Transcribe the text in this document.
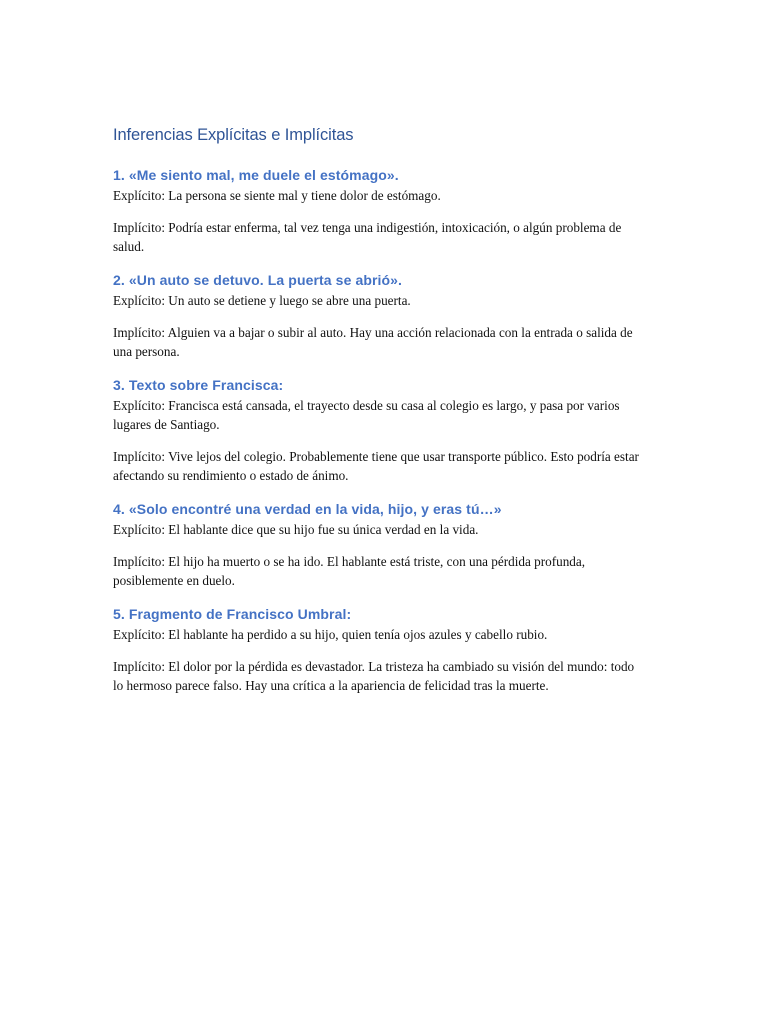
Inferencias Explícitas e Implícitas
1. «Me siento mal, me duele el estómago».

Explícito: La persona se siente mal y tiene dolor de estómago.

Implícito: Podría estar enferma, tal vez tenga una indigestión, intoxicación, o algún problema de salud.

2. «Un auto se detuvo. La puerta se abrió».

Explícito: Un auto se detiene y luego se abre una puerta.

Implícito: Alguien va a bajar o subir al auto. Hay una acción relacionada con la entrada o salida de una persona.

3. Texto sobre Francisca:

Explícito: Francisca está cansada, el trayecto desde su casa al colegio es largo, y pasa por varios lugares de Santiago.

Implícito: Vive lejos del colegio. Probablemente tiene que usar transporte público. Esto podría estar afectando su rendimiento o estado de ánimo.

4. «Solo encontré una verdad en la vida, hijo, y eras tú…»

Explícito: El hablante dice que su hijo fue su única verdad en la vida.

Implícito: El hijo ha muerto o se ha ido. El hablante está triste, con una pérdida profunda, posiblemente en duelo.

5. Fragmento de Francisco Umbral:

Explícito: El hablante ha perdido a su hijo, quien tenía ojos azules y cabello rubio.

Implícito: El dolor por la pérdida es devastador. La tristeza ha cambiado su visión del mundo: todo lo hermoso parece falso. Hay una crítica a la apariencia de felicidad tras la muerte.
